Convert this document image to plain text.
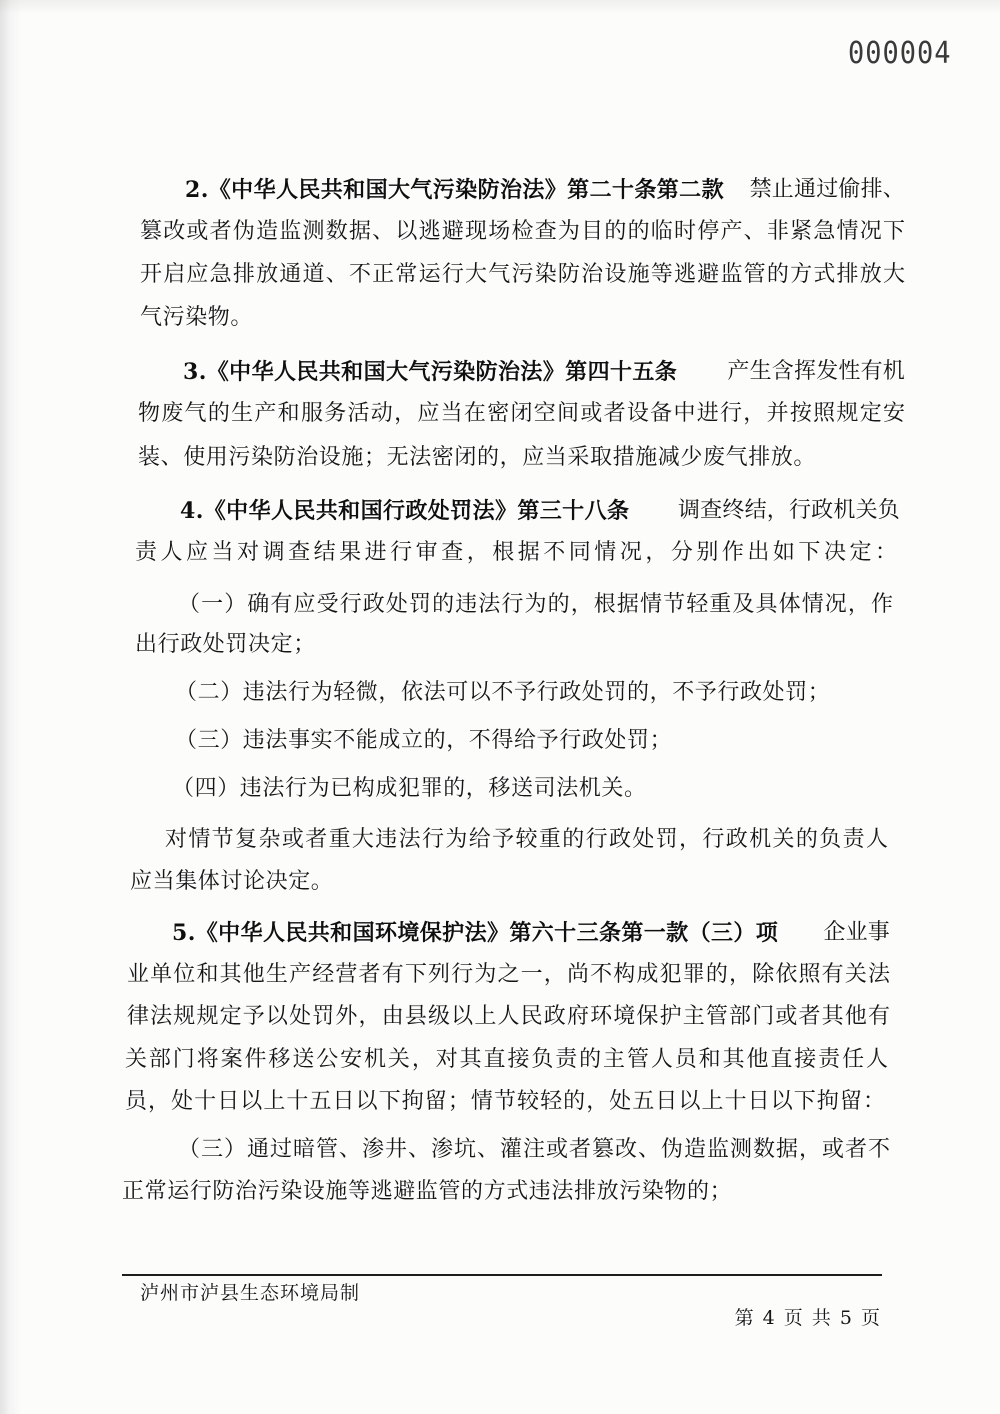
000004
2.《中华人民共和国大气污染防治法》第二十条第二款 禁止通过偷排、
篡改或者伪造监测数据、以逃避现场检查为目的的临时停产、非紧急情况下
开启应急排放通道、不正常运行大气污染防治设施等逃避监管的方式排放大
气污染物。
3.《中华人民共和国大气污染防治法》第四十五条 产生含挥发性有机
物废气的生产和服务活动，应当在密闭空间或者设备中进行，并按照规定安
装、使用污染防治设施；无法密闭的，应当采取措施减少废气排放。
4.《中华人民共和国行政处罚法》第三十八条 调查终结，行政机关负
责人应当对调查结果进行审查，根据不同情况，分别作出如下决定：
（一）确有应受行政处罚的违法行为的，根据情节轻重及具体情况，作
出行政处罚决定；
（二）违法行为轻微，依法可以不予行政处罚的，不予行政处罚；
（三）违法事实不能成立的，不得给予行政处罚；
（四）违法行为已构成犯罪的，移送司法机关。
对情节复杂或者重大违法行为给予较重的行政处罚，行政机关的负责人
应当集体讨论决定。
5.《中华人民共和国环境保护法》第六十三条第一款（三）项 企业事
业单位和其他生产经营者有下列行为之一，尚不构成犯罪的，除依照有关法
律法规规定予以处罚外，由县级以上人民政府环境保护主管部门或者其他有
关部门将案件移送公安机关，对其直接负责的主管人员和其他直接责任人
员，处十日以上十五日以下拘留；情节较轻的，处五日以上十日以下拘留：
（三）通过暗管、渗井、渗坑、灌注或者篡改、伪造监测数据，或者不
正常运行防治污染设施等逃避监管的方式违法排放污染物的；
泸州市泸县生态环境局制
第 4 页 共 5 页
